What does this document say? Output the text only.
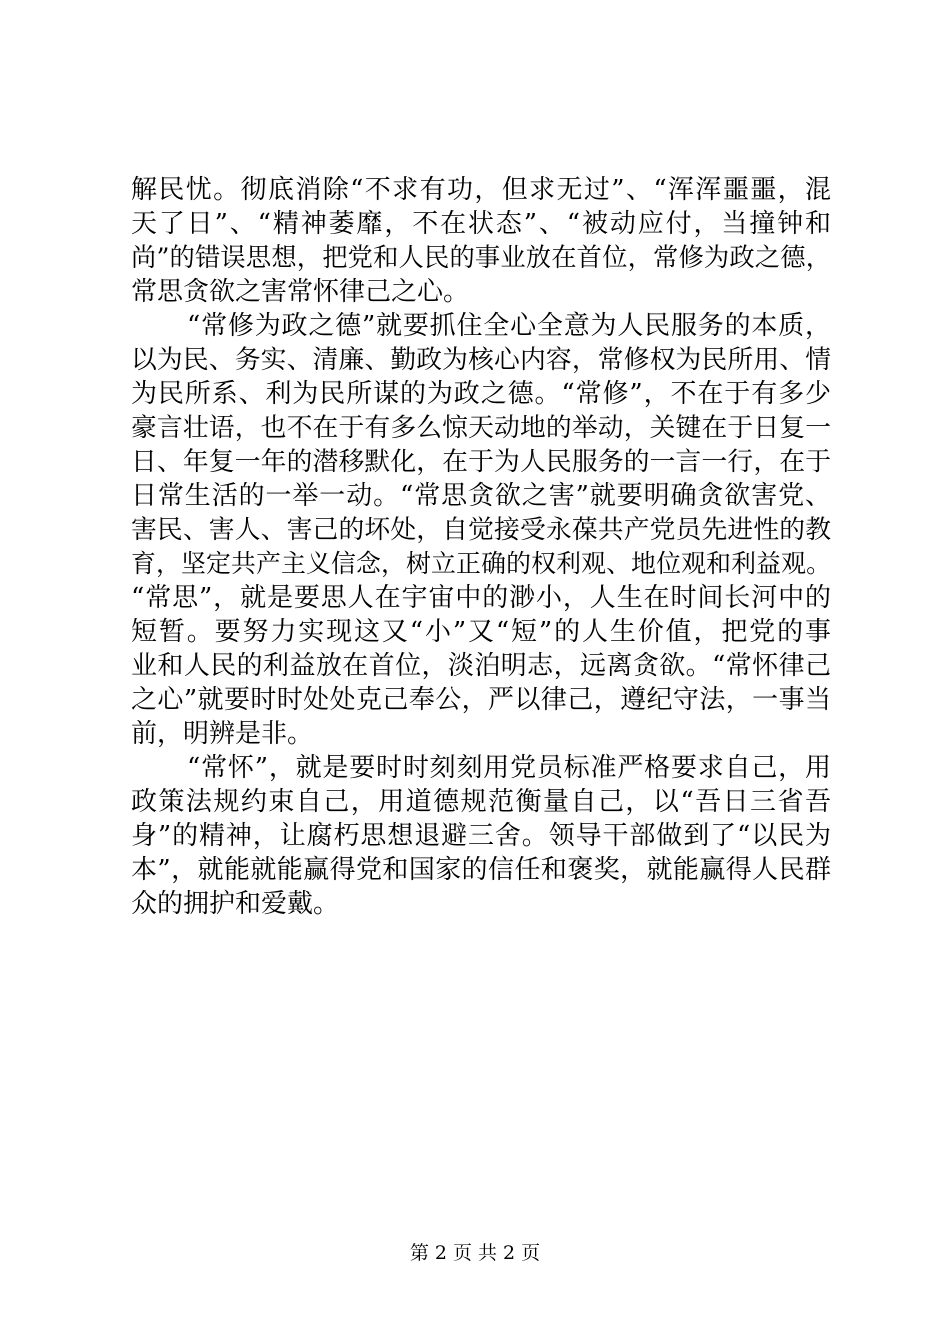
解民忧。彻底消除“不求有功，但求无过”、“浑浑噩噩，混
天了日”、“精神萎靡，不在状态”、“被动应付，当撞钟和
尚”的错误思想，把党和人民的事业放在首位，常修为政之德，
常思贪欲之害常怀律己之心。
“常修为政之德”就要抓住全心全意为人民服务的本质，
以为民、务实、清廉、勤政为核心内容，常修权为民所用、情
为民所系、利为民所谋的为政之德。“常修”，不在于有多少
豪言壮语，也不在于有多么惊天动地的举动，关键在于日复一
日、年复一年的潜移默化，在于为人民服务的一言一行，在于
日常生活的一举一动。“常思贪欲之害”就要明确贪欲害党、
害民、害人、害己的坏处，自觉接受永葆共产党员先进性的教
育，坚定共产主义信念，树立正确的权利观、地位观和利益观。
“常思”，就是要思人在宇宙中的渺小，人生在时间长河中的
短暂。要努力实现这又“小”又“短”的人生价值，把党的事
业和人民的利益放在首位，淡泊明志，远离贪欲。“常怀律己
之心”就要时时处处克己奉公，严以律己，遵纪守法，一事当
前，明辨是非。
“常怀”，就是要时时刻刻用党员标准严格要求自己，用
政策法规约束自己，用道德规范衡量自己，以“吾日三省吾
身”的精神，让腐朽思想退避三舍。领导干部做到了“以民为
本”，就能就能赢得党和国家的信任和褒奖，就能赢得人民群
众的拥护和爱戴。
第 2 页 共 2 页
